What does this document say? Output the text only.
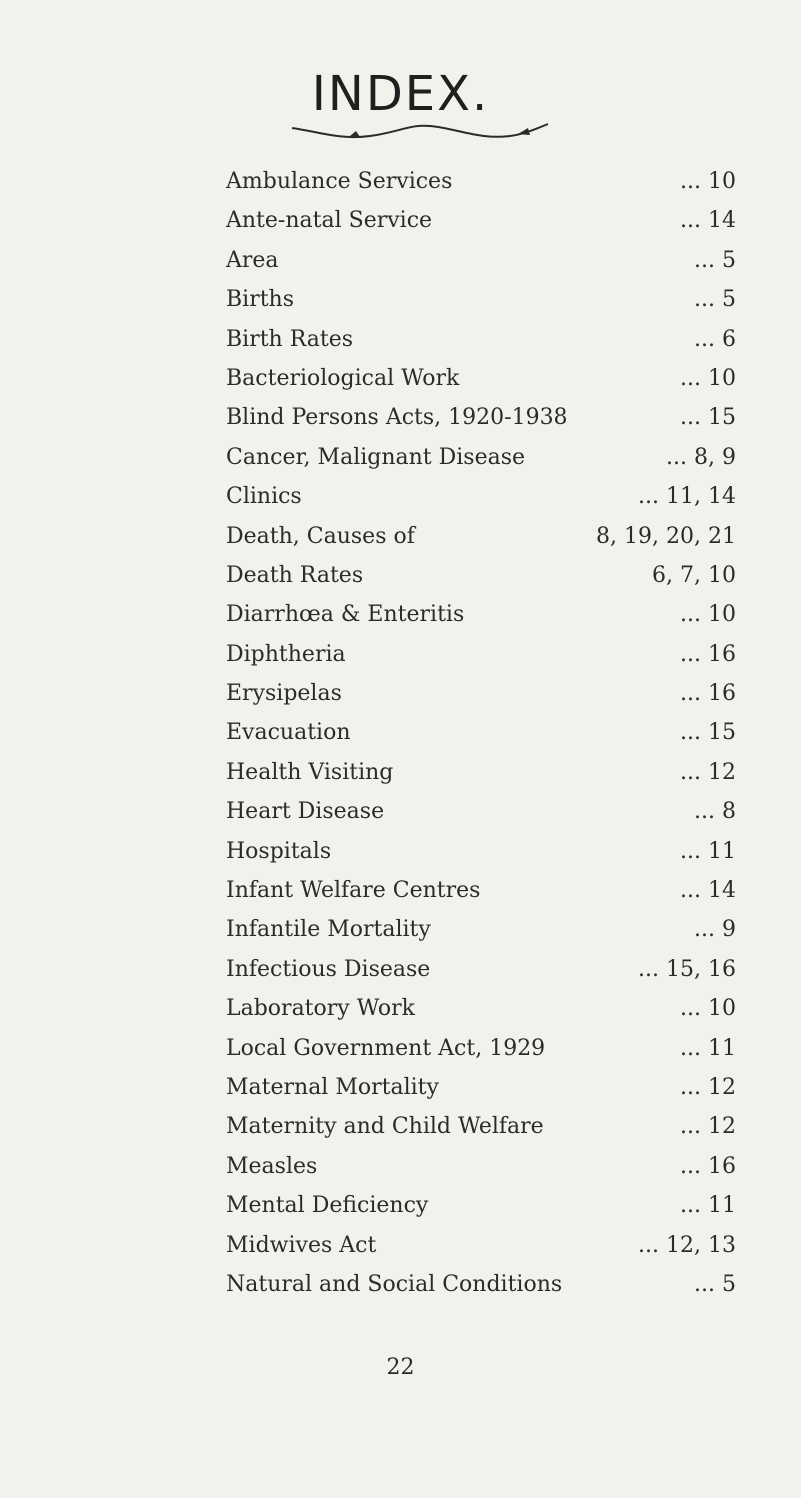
INDEX.
Ambulance Services	... 10
Ante-natal Service	... 14
Area	... 5
Births	... 5
Birth Rates	... 6
Bacteriological Work	... 10
Blind Persons Acts, 1920-1938	... 15
Cancer, Malignant Disease	... 8, 9
Clinics	... 11, 14
Death, Causes of	8, 19, 20, 21
Death Rates	6, 7, 10
Diarrhœa & Enteritis	... 10
Diphtheria	... 16
Erysipelas	... 16
Evacuation	... 15
Health Visiting	... 12
Heart Disease	... 8
Hospitals	... 11
Infant Welfare Centres	... 14
Infantile Mortality	... 9
Infectious Disease	... 15, 16
Laboratory Work	... 10
Local Government Act, 1929	... 11
Maternal Mortality	... 12
Maternity and Child Welfare	... 12
Measles	... 16
Mental Deficiency	... 11
Midwives Act	... 12, 13
Natural and Social Conditions	... 5
22
